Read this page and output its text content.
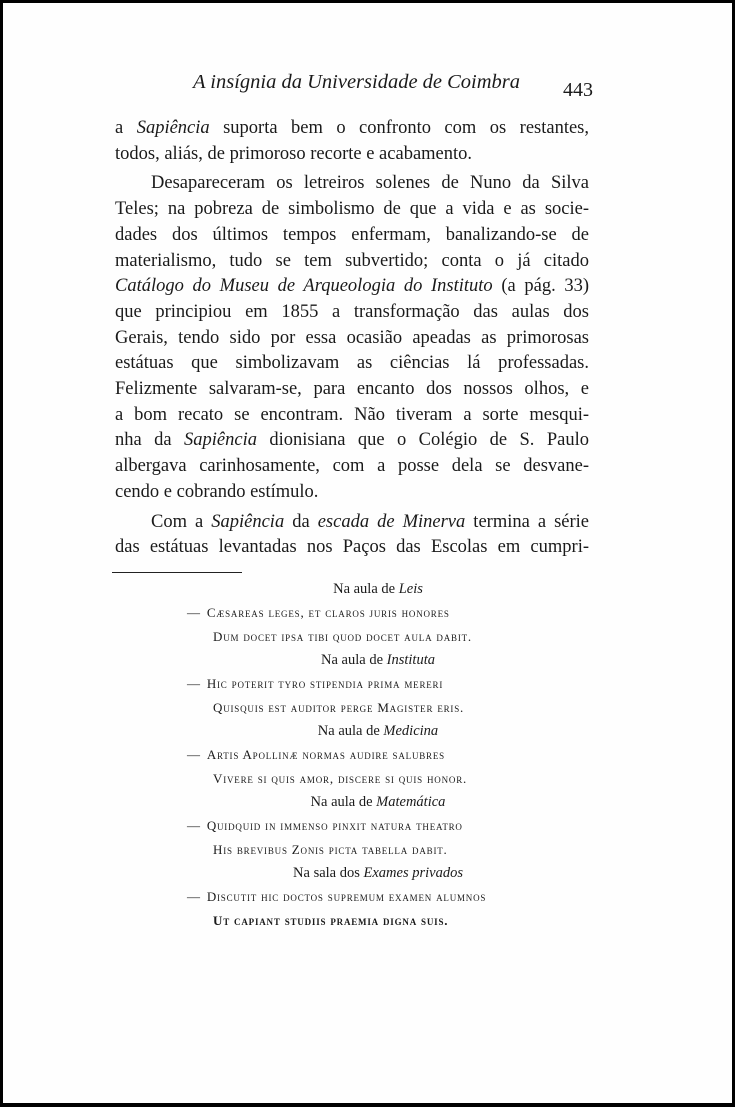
A insígnia da Universidade de Coimbra 443
a Sapiência suporta bem o confronto com os restantes,
todos, aliás, de primoroso recorte e acabamento.
Desapareceram os letreiros solenes de Nuno da Silva
Teles; na pobreza de simbolismo de que a vida e as socie-
dades dos últimos tempos enfermam, banalizando-se de
materialismo, tudo se tem subvertido; conta o já citado
Catálogo do Museu de Arqueologia do Instituto (a pág. 33)
que principiou em 1855 a transformação das aulas dos
Gerais, tendo sido por essa ocasião apeadas as primorosas
estátuas que simbolizavam as ciências lá professadas.
Felizmente salvaram-se, para encanto dos nossos olhos, e
a bom recato se encontram. Não tiveram a sorte mesqui-
nha da Sapiência dionisiana que o Colégio de S. Paulo
albergava carinhosamente, com a posse dela se desvane-
cendo e cobrando estímulo.
Com a Sapiência da escada de Minerva termina a série
das estátuas levantadas nos Paços das Escolas em cumpri-
Na aula de Leis
— Cæsareas leges, et claros juris honores
Dum docet ipsa tibi quod docet aula dabit.
Na aula de Instituta
— Hic poterit tyro stipendia prima mereri
Quisquis est auditor perge Magister eris.
Na aula de Medicina
— Artis Apollinæ normas audire salubres
Vivere si quis amor, discere si quis honor.
Na aula de Matemática
— Quidquid in immenso pinxit natura theatro
His brevibus Zonis picta tabella dabit.
Na sala dos Exames privados
— Discutit hic doctos supremum examen alumnos
Ut capiant studiis praemia digna suis.
